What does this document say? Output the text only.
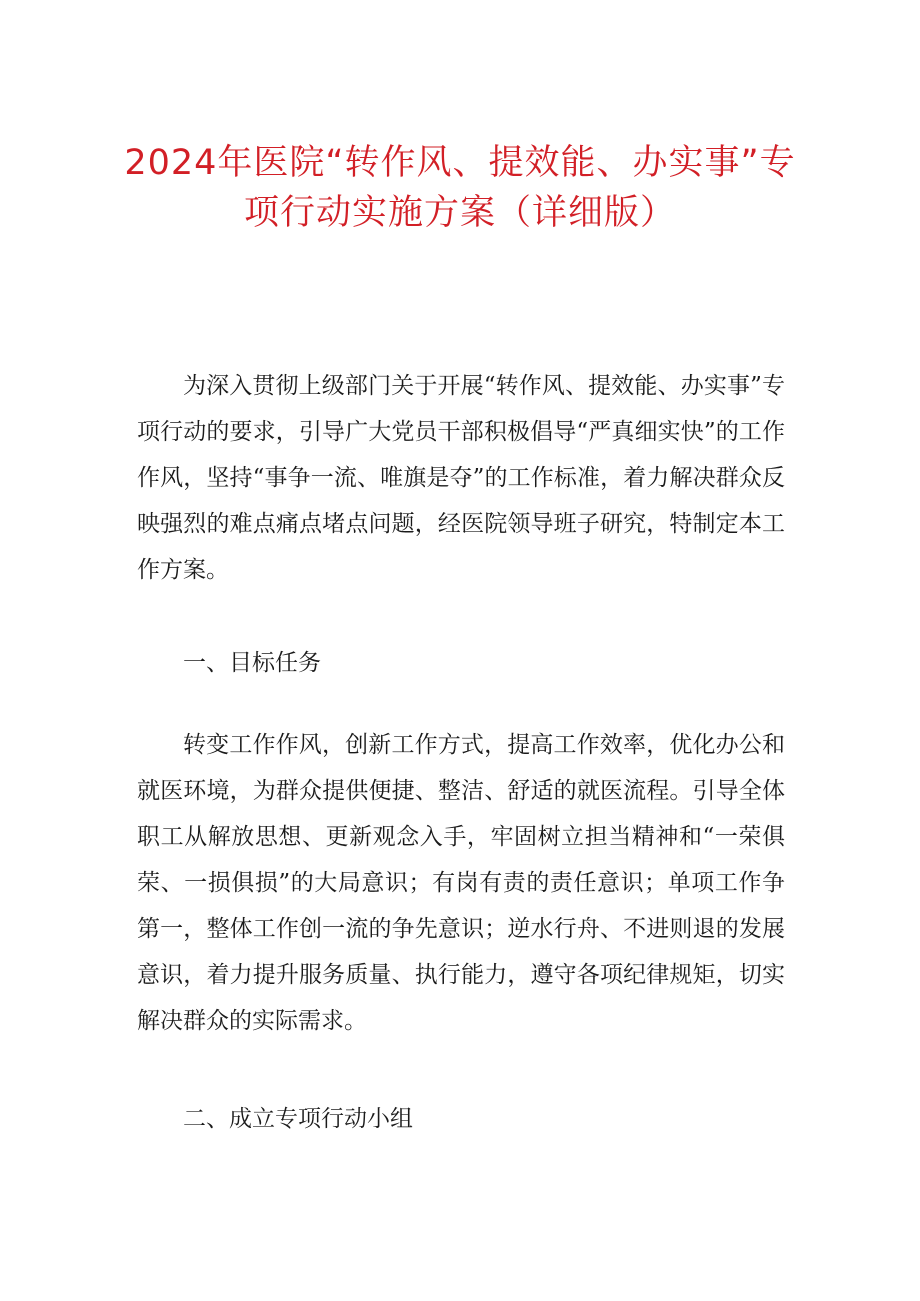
2024年医院“转作风、提效能、办实事”专
项行动实施方案（详细版）

为深入贯彻上级部门关于开展“转作风、提效能、办实事”专项行动的要求，引导广大党员干部积极倡导“严真细实快”的工作作风，坚持“事争一流、唯旗是夺”的工作标准，着力解决群众反映强烈的难点痛点堵点问题，经医院领导班子研究，特制定本工作方案。

一、目标任务

转变工作作风，创新工作方式，提高工作效率，优化办公和就医环境，为群众提供便捷、整洁、舒适的就医流程。引导全体职工从解放思想、更新观念入手，牢固树立担当精神和“一荣俱荣、一损俱损”的大局意识；有岗有责的责任意识；单项工作争第一，整体工作创一流的争先意识；逆水行舟、不进则退的发展意识，着力提升服务质量、执行能力，遵守各项纪律规矩，切实解决群众的实际需求。

二、成立专项行动小组
